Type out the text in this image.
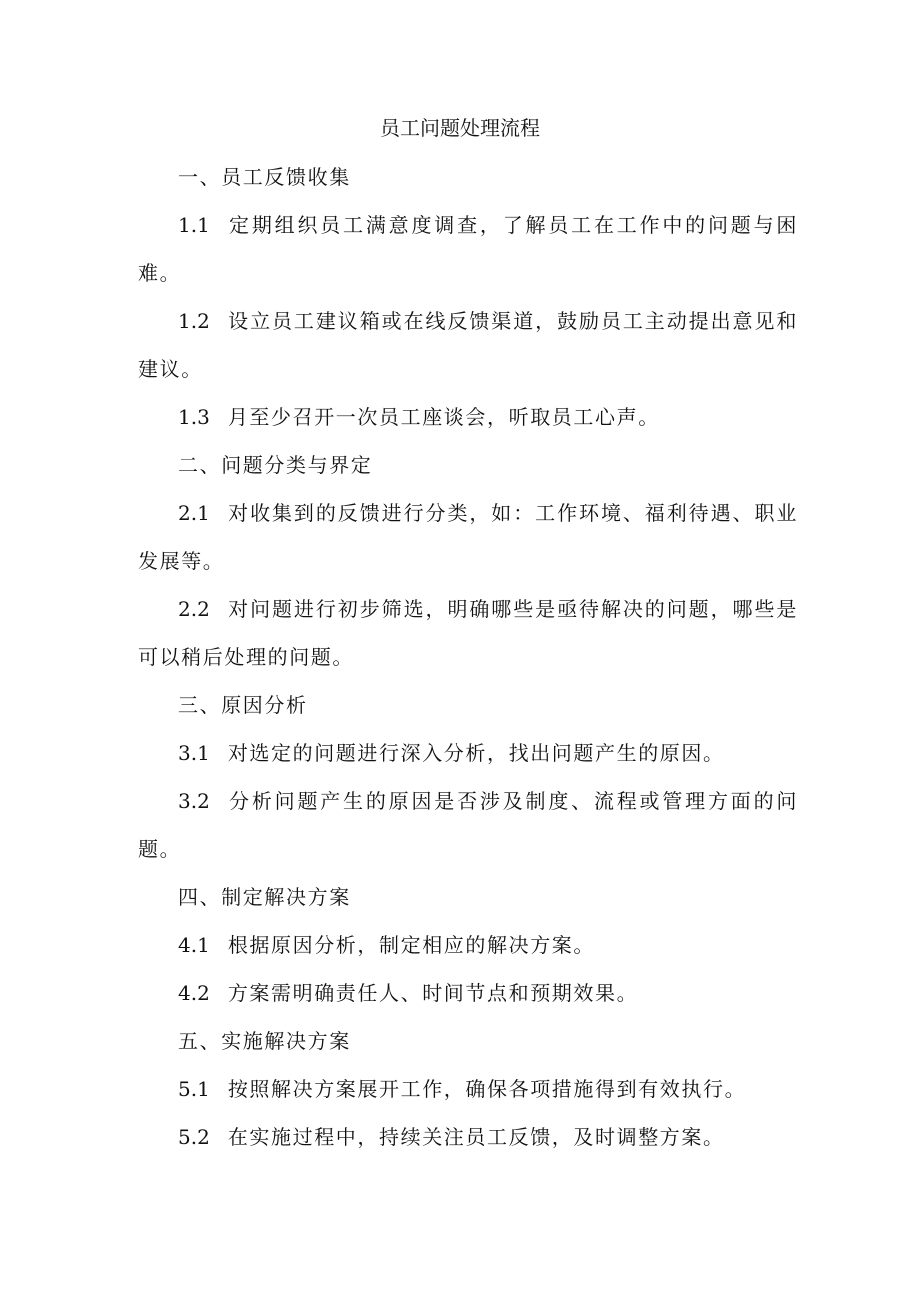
员工问题处理流程

一、员工反馈收集

1.1 定期组织员工满意度调查，了解员工在工作中的问题与困难。

1.2 设立员工建议箱或在线反馈渠道，鼓励员工主动提出意见和建议。

1.3 月至少召开一次员工座谈会，听取员工心声。

二、问题分类与界定

2.1 对收集到的反馈进行分类，如：工作环境、福利待遇、职业发展等。

2.2 对问题进行初步筛选，明确哪些是亟待解决的问题，哪些是可以稍后处理的问题。

三、原因分析

3.1 对选定的问题进行深入分析，找出问题产生的原因。

3.2 分析问题产生的原因是否涉及制度、流程或管理方面的问题。

四、制定解决方案

4.1 根据原因分析，制定相应的解决方案。

4.2 方案需明确责任人、时间节点和预期效果。

五、实施解决方案

5.1 按照解决方案展开工作，确保各项措施得到有效执行。

5.2 在实施过程中，持续关注员工反馈，及时调整方案。
